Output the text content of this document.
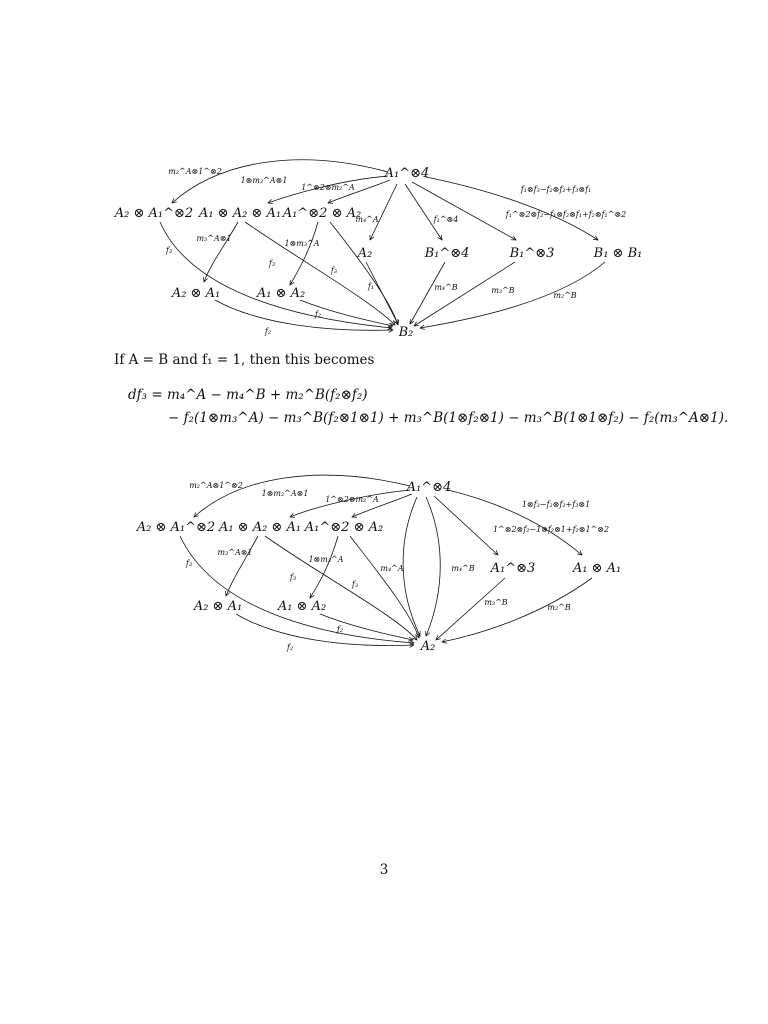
A₁^⊗4
A₂ ⊗ A₁^⊗2 A₁ ⊗ A₂ ⊗ A₁ A₁^⊗2 ⊗ A₂
A₂	B₁^⊗4	B₁^⊗3	B₁ ⊗ B₁
A₂ ⊗ A₁	A₁ ⊗ A₂
B₂
m₂^A⊗1^⊗2
1⊗m₂^A⊗1
1^⊗2⊗m₂^A
m₄^A	f₁^⊗4
f₁⊗f₃−f₂⊗f₂+f₃⊗f₁
f₁^⊗2⊗f₂−f₁⊗f₂⊗f₁+f₂⊗f₁^⊗2
f₃
m₃^A⊗1
f₃
1⊗m₃^A
f₃
f₁	m₄^B	m₃^B
m₂^B
f₂
f₂
A₁^⊗4
A₂ ⊗ A₁^⊗2 A₁ ⊗ A₂ ⊗ A₁ A₁^⊗2 ⊗ A₂
A₁^⊗3	A₁ ⊗ A₁
A₂ ⊗ A₁	A₁ ⊗ A₂
A₂
m₂^A⊗1^⊗2
1⊗m₂^A⊗1
1^⊗2⊗m₂^A
m₄^A	m₄^B
1⊗f₃−f₂⊗f₂+f₃⊗1
1^⊗2⊗f₂−1⊗f₂⊗1+f₂⊗1^⊗2
f₃
m₃^A⊗1
f₃
1⊗m₃^A
f₃
m₃^B
m₂^B
f₂
f₂
If A = B and f₁ = 1, then this becomes
df₃ = m₄^A − m₄^B + m₂^B(f₂⊗f₂)
− f₂(1⊗m₃^A) − m₃^B(f₂⊗1⊗1) + m₃^B(1⊗f₂⊗1) − m₃^B(1⊗1⊗f₂) − f₂(m₃^A⊗1).
3
